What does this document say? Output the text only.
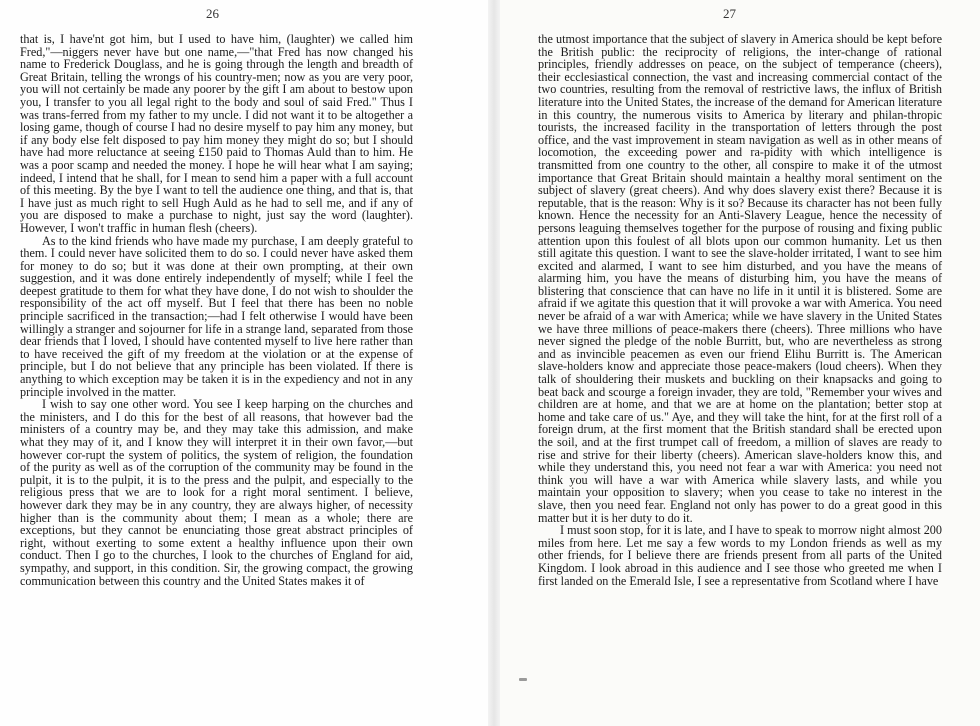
26

that is, I have'nt got him, but I used to have him, (laughter) we called him Fred,"—niggers never have but one name,—"that Fred has now changed his name to Frederick Douglass, and he is going through the length and breadth of Great Britain, telling the wrongs of his country-men; now as you are very poor, you will not certainly be made any poorer by the gift I am about to bestow upon you, I transfer to you all legal right to the body and soul of said Fred." Thus I was trans-ferred from my father to my uncle. I did not want it to be altogether a losing game, though of course I had no desire myself to pay him any money, but if any body else felt disposed to pay him money they might do so; but I should have had more reluctance at seeing £150 paid to Thomas Auld than to him. He was a poor scamp and needed the money. I hope he will hear what I am saying; indeed, I intend that he shall, for I mean to send him a paper with a full account of this meeting. By the bye I want to tell the audience one thing, and that is, that I have just as much right to sell Hugh Auld as he had to sell me, and if any of you are disposed to make a purchase to night, just say the word (laughter). However, I won't traffic in human flesh (cheers).

As to the kind friends who have made my purchase, I am deeply grateful to them. I could never have solicited them to do so. I could never have asked them for money to do so; but it was done at their own prompting, at their own suggestion, and it was done entirely independently of myself; while I feel the deepest gratitude to them for what they have done, I do not wish to shoulder the responsibility of the act off myself. But I feel that there has been no noble principle sacrificed in the transaction;—had I felt otherwise I would have been willingly a stranger and sojourner for life in a strange land, separated from those dear friends that I loved, I should have contented myself to live here rather than to have received the gift of my freedom at the violation or at the expense of principle, but I do not believe that any principle has been violated. If there is anything to which exception may be taken it is in the expediency and not in any principle involved in the matter.

I wish to say one other word. You see I keep harping on the churches and the ministers, and I do this for the best of all reasons, that however bad the ministers of a country may be, and they may take this admission, and make what they may of it, and I know they will interpret it in their own favor,—but however cor-rupt the system of politics, the system of religion, the foundation of the purity as well as of the corruption of the community may be found in the pulpit, it is to the pulpit, it is to the press and the pulpit, and especially to the religious press that we are to look for a right moral sentiment. I believe, however dark they may be in any country, they are always higher, of necessity higher than is the community about them; I mean as a whole; there are exceptions, but they cannot be enunciating those great abstract principles of right, without exerting to some extent a healthy influence upon their own conduct. Then I go to the churches, I look to the churches of England for aid, sympathy, and support, in this condition. Sir, the growing compact, the growing communication between this country and the United States makes it of

27

the utmost importance that the subject of slavery in America should be kept before the British public: the reciprocity of religions, the inter-change of rational principles, friendly addresses on peace, on the subject of temperance (cheers), their ecclesiastical connection, the vast and increasing commercial contact of the two countries, resulting from the removal of restrictive laws, the influx of British literature into the United States, the increase of the demand for American literature in this country, the numerous visits to America by literary and philan-thropic tourists, the increased facility in the transportation of letters through the post office, and the vast improvement in steam navigation as well as in other means of locomotion, the exceeding power and ra-pidity with which intelligence is transmitted from one country to the other, all conspire to make it of the utmost importance that Great Britain should maintain a healthy moral sentiment on the subject of slavery (great cheers). And why does slavery exist there? Because it is reputable, that is the reason: Why is it so? Because its character has not been fully known. Hence the necessity for an Anti-Slavery League, hence the necessity of persons leaguing themselves together for the purpose of rousing and fixing public attention upon this foulest of all blots upon our common humanity. Let us then still agitate this question. I want to see the slave-holder irritated, I want to see him excited and alarmed, I want to see him disturbed, and you have the means of alarming him, you have the means of disturbing him, you have the means of blistering that conscience that can have no life in it until it is blistered. Some are afraid if we agitate this question that it will provoke a war with America. You need never be afraid of a war with America; while we have slavery in the United States we have three millions of peace-makers there (cheers). Three millions who have never signed the pledge of the noble Burritt, but, who are nevertheless as strong and as invincible peacemen as even our friend Elihu Burritt is. The American slave-holders know and appreciate those peace-makers (loud cheers). When they talk of shouldering their muskets and buckling on their knapsacks and going to beat back and scourge a foreign invader, they are told, "Remember your wives and children are at home, and that we are at home on the plantation; better stop at home and take care of us." Aye, and they will take the hint, for at the first roll of a foreign drum, at the first moment that the British standard shall be erected upon the soil, and at the first trumpet call of freedom, a million of slaves are ready to rise and strive for their liberty (cheers). American slave-holders know this, and while they understand this, you need not fear a war with America: you need not think you will have a war with America while slavery lasts, and while you maintain your opposition to slavery; when you cease to take no interest in the slave, then you need fear. England not only has power to do a great good in this matter but it is her duty to do it.

I must soon stop, for it is late, and I have to speak to morrow night almost 200 miles from here. Let me say a few words to my London friends as well as my other friends, for I believe there are friends present from all parts of the United Kingdom. I look abroad in this audience and I see those who greeted me when I first landed on the Emerald Isle, I see a representative from Scotland where I have
